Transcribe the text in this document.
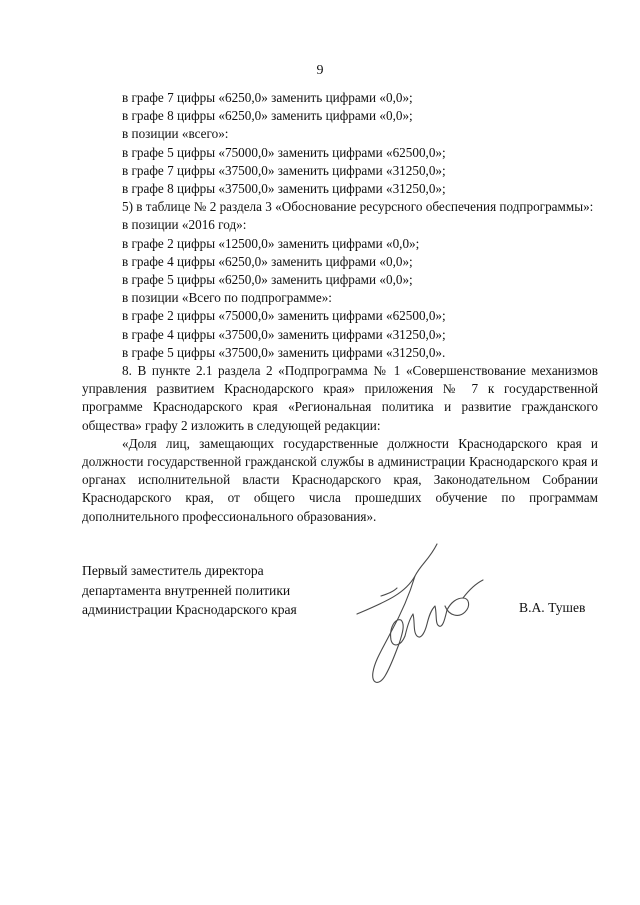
9

в графе 7 цифры «6250,0» заменить цифрами «0,0»;

в графе 8 цифры «6250,0» заменить цифрами «0,0»;

в позиции «всего»:

в графе 5 цифры «75000,0» заменить цифрами «62500,0»;

в графе 7 цифры «37500,0» заменить цифрами «31250,0»;

в графе 8 цифры «37500,0» заменить цифрами «31250,0»;

5) в таблице № 2 раздела 3 «Обоснование ресурсного обеспечения подпрограммы»:

в позиции «2016 год»:

в графе 2 цифры «12500,0» заменить цифрами «0,0»;

в графе 4 цифры «6250,0» заменить цифрами «0,0»;

в графе 5 цифры «6250,0» заменить цифрами «0,0»;

в позиции «Всего по подпрограмме»:

в графе 2 цифры «75000,0» заменить цифрами «62500,0»;

в графе 4 цифры «37500,0» заменить цифрами «31250,0»;

в графе 5 цифры «37500,0» заменить цифрами «31250,0».

8. В пункте 2.1 раздела 2 «Подпрограмма № 1 «Совершенствование механизмов управления развитием Краснодарского края» приложения № 7 к государственной программе Краснодарского края «Региональная политика и развитие гражданского общества» графу 2 изложить в следующей редакции:

«Доля лиц, замещающих государственные должности Краснодарского края и должности государственной гражданской службы в администрации Краснодарского края и органах исполнительной власти Краснодарского края, Законодательном Собрании Краснодарского края, от общего числа прошедших обучение по программам дополнительного профессионального образования».

Первый заместитель директора
департамента внутренней политики
администрации Краснодарского края	В.А. Тушев
